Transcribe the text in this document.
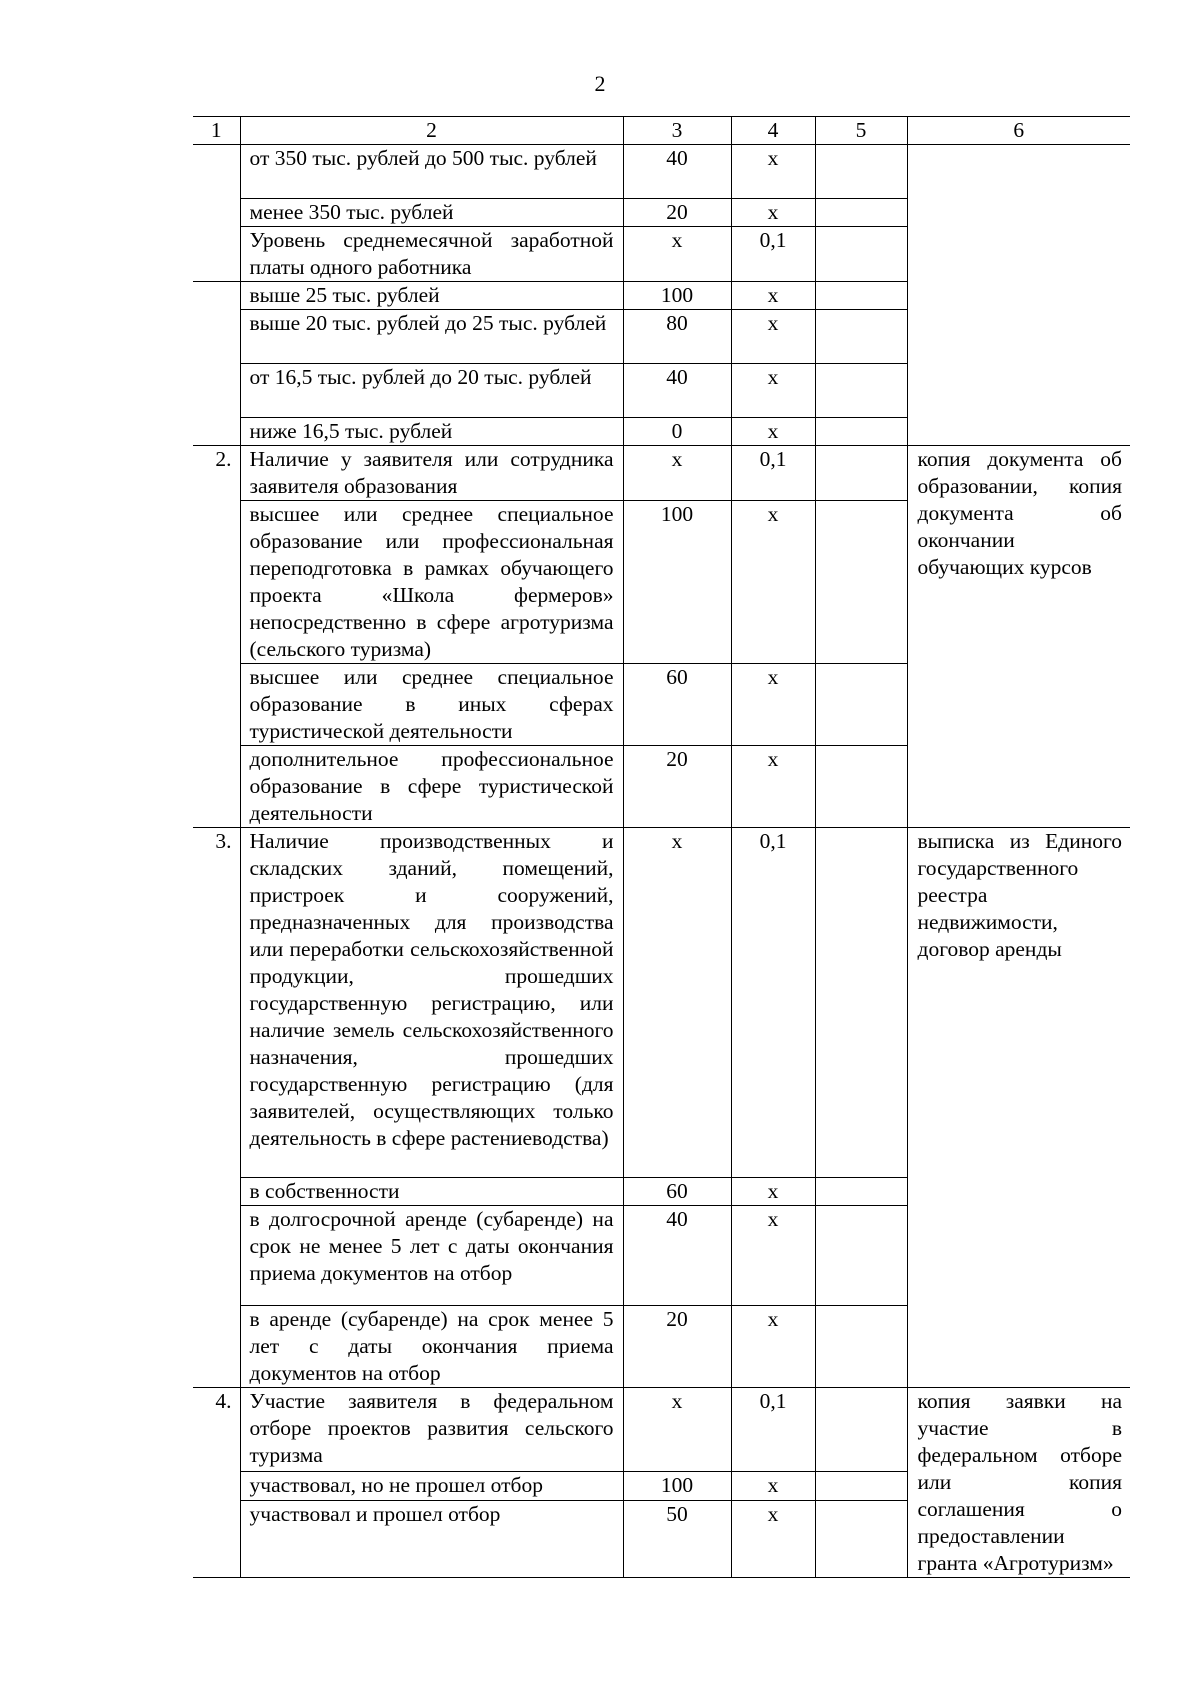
2
1	2	3	4	5	6
	от 350 тыс. рублей до 500 тыс. рублей	40	х		
	менее 350 тыс. рублей	20	х		
	Уровень среднемесячной заработной платы одного работника	х	0,1		
	выше 25 тыс. рублей	100	х		
	выше 20 тыс. рублей до 25 тыс. рублей	80	х		
	от 16,5 тыс. рублей до 20 тыс. рублей	40	х		
	ниже 16,5 тыс. рублей	0	х		
2.	Наличие у заявителя или сотрудника заявителя образования	х	0,1		копия документа об образовании, копия документа об окончании обучающих курсов
	высшее или среднее специальное образование или профессиональная переподготовка в рамках обучающего проекта «Школа фермеров» непосредственно в сфере агротуризма (сельского туризма)	100	х		
	высшее или среднее специальное образование в иных сферах туристической деятельности	60	х		
	дополнительное профессиональное образование в сфере туристической деятельности	20	х		
3.	Наличие производственных и складских зданий, помещений, пристроек и сооружений, предназначенных для производства или переработки сельскохозяйственной продукции, прошедших государственную регистрацию, или наличие земель сельскохозяйственного назначения, прошедших государственную регистрацию (для заявителей, осуществляющих только деятельность в сфере растениеводства)	х	0,1		выписка из Единого государственного реестра недвижимости, договор аренды
	в собственности	60	х		
	в долгосрочной аренде (субаренде) на срок не менее 5 лет с даты окончания приема документов на отбор	40	х		
	в аренде (субаренде) на срок менее 5 лет с даты окончания приема документов на отбор	20	х		
4.	Участие заявителя в федеральном отборе проектов развития сельского туризма	х	0,1		копия заявки на участие в федеральном отборе или копия соглашения о предоставлении гранта «Агротуризм»
	участвовал, но не прошел отбор	100	х		
	участвовал и прошел отбор	50	х		
